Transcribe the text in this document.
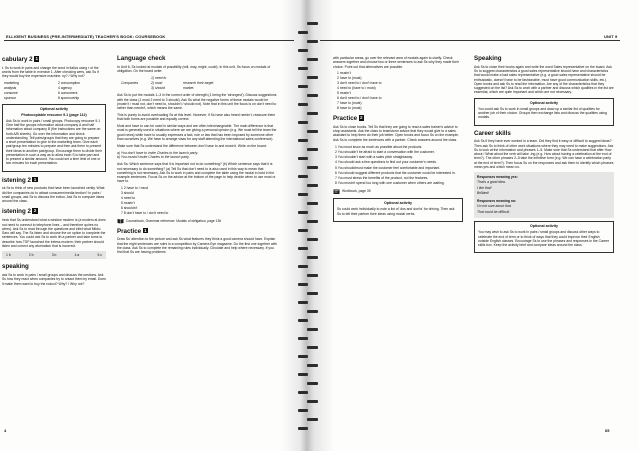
ELLIGENT BUSINESS (PRE-INTERMEDIATE) TEACHER'S BOOK: COURSEBOOK	UNIT 9
cabulary 2 1

t. Ss to work in pairs and change the word in italics using r of the words from the table in exercise 1. After checking wers, ask Ss if they would buy the expensive machine. ny? / Why not?

marketing	2 consumption
analysis	4 agency
consume	6 consumers
sponsor	8 sponsorship
Optional activity
Photocopiable resource 9.1 (page 112)

Ask Ss to work in pairs / small groups. Photocopy resource 9.1 Give half the groups information about company A and half information about company B (the instructions are the same on both A/B sheets). Go over the information and check understanding. Tell pairs/groups that they are going to prepare a short presentation to give to the marketing team. Give each pair/group ten minutes to prepare and then ask them to present their ideas to another pair/group. Encourage them to divide their presentation in such a way as to allow each S to take part and to present a similar amount. You could set a time limit of one or two minutes for each presentation.

istening 2 1

sk Ss to think of new products that have been launched cently. What did the companies do to attract consumer/media tention? In pairs / small groups, ask Ss to discuss the ection. Ask Ss to compare ideas around the class.

istening 2 2

heck that Ss understand what a window modem is (a modem at does not need to connect to telephone lines – and therefore quires no wires). Ask Ss to read through the questions and inlist what Mikko Saro will say. The Ss listen and choose the ue option to complete the sentences. You could ask Ss to work ith a partner and take turns to describe how TSP launched the ireless modem; their partner should listen and correct any aformation that is incorrect.

1 b	2 b	3 b	4 a	5 c
speaking

ask Ss to work in pairs / small groups and discuss the uestions. Ask Ss how they react when companies try to ontact them by email. Does it make them want to buy the roduct? Why? / Why not?

Language check

In Unit 6, Ss looked at modals of possibility (will, may, might, could). In this unit, Ss focus on modals of obligation. On the board write:

1) need to
Companies	2) must	research their target
3) should	market.

Ask Ss to put the modals 1–3 in the correct order of strength (1 being the 'strongest'). Discuss suggestions with the class (1 must 2 need to 3 should). Ask Ss what the negative forms of these modals would be (mustn't / must not, don't need to, shouldn't / should not). Note that in this unit the focus is on don't need to rather than needn't, which means the same.

This is purely to avoid overloading Ss at this level. However, if Ss have also heard needn't, reassure them that both forms are possible and equally correct.

Must and have to can be used in similar ways and are often interchangeable. The main difference is that must is generally used in situations where we are giving a personal opinion (e.g. We must tell the team the good news) while have to usually expresses a fact, rule or law that has been imposed by someone other than ourselves (e.g. We have to arrange visas for any staff attending the international sales conference).

Make sure that Ss understand the difference between don't have to and mustn't. Write on the board:

a) You don't have to invite Charles to the launch party.

b) You mustn't invite Charles to the launch party.

Ask Ss: Which sentence says that it is important not to do something? (b) Which sentence says that it is not necessary to do something? (a) Tell Ss that don't need to is also used in this way to mean that something is not necessary. Ask Ss to work in pairs and complete the table using the modal in bold in the example sentences. Focus Ss on the advice at the bottom of the page to help decide when to use must or have to.

1 2 have to / must
3 should
4 need to
5 mustn't
6 shouldn't
7 8 don't have to / don't need to
Coursebook, Grammar reference: Modals of obligation, page 136
Practice 1

Draw Ss' attention to the picture and ask Ss what features they think a good camera should have. Explain that the eight sentences are rules in a competition by Camera Eye magazine. Do the first one together with the class. Ask Ss to complete the remaining rules individually. Circulate and help where necessary. If you find that Ss are having problems

with particular areas, go over the relevant area of modals again to clarify. Check answers together and choose two or three sentences to ask Ss why they made their choice. Point out that alternatives are possible.

1 mustn't
2 have to (must)
3 don't need to / don't have to
4 need to (have to / must)
5 mustn't
6 don't need to / don't have to
7 have to (must)
8 have to (must)
Practice 2

Ask Ss to close books. Tell Ss that they are going to read a sales trainer's advice to shop assistants. Ask the class to brainstorm advice that they would give to a sales assistant to help them do their job better. Open books and focus Ss on the example. Ask Ss to complete the sentences with a partner. Check answers around the class.

1 You must know as much as possible about the products.
2 You shouldn't be afraid to start a conversation with the customer.
3 You shouldn't start with a sales pitch straightaway.
4 You should ask a few questions to find out your customer's needs.
5 You should/must make the customer feel comfortable and important.
6 You should suggest different products that the customer could be interested in.
7 You must stress the benefits of the product, not the features.
8 You mustn't spend too long with one customer when others are waiting.
Workbook, page 39
Optional activity

Ss could work individually to note a list of 'dos and don'ts' for driving. Then ask Ss to tell their partner their ideas using modal verbs.

Speaking

Ask Ss to close their books again and write the word Sales representative on the board. Ask Ss to suggest characteristics a good sales representative should have and characteristics that would make a bad sales representative (e.g. a good sales representative should be enthusiastic, doesn't have to be fashionable, must have good communication skills, etc.). Open books and ask Ss to read the information. Are any of the characteristics that they suggested on the list? Ask Ss to work with a partner and discuss which qualities in the list are essential, which are quite important and which are not necessary.

Optional activity

You could ask Ss to work in small groups and draw up a similar list of qualities for another job of their choice. Groups then exchange lists and discuss the qualities using modals.

Career skills

Ask Ss if they have ever worked in a team. Did they find it easy or difficult to suggest ideas? Then ask Ss to think of other work situations where they may need to make suggestions. Ask Ss to look at the information and phrases 1–5. Make sure that Ss understand that after How about / What about the verb will take -ing (e.g. How about having a celebration at the end of term?). The other phrases 2–5 take the infinitive form (e.g. We can have a celebration party at the end of term?). Then focus Ss on the responses and ask them to identify which phrases mean yes and which mean no.

Responses meaning yes:

That's a good idea.

I like that!

Brilliant!

Responses meaning no:

I'm not sure about that.

That could be difficult.

Optional activity

You may wish to ask Ss to work in pairs / small groups and discuss other ways to celebrate the end of term or to think of ways that they could improve their English outside English classes. Encourage Ss to use the phrases and responses in the Career skills box. Keep the activity brief and compare ideas around the class.

4	65
